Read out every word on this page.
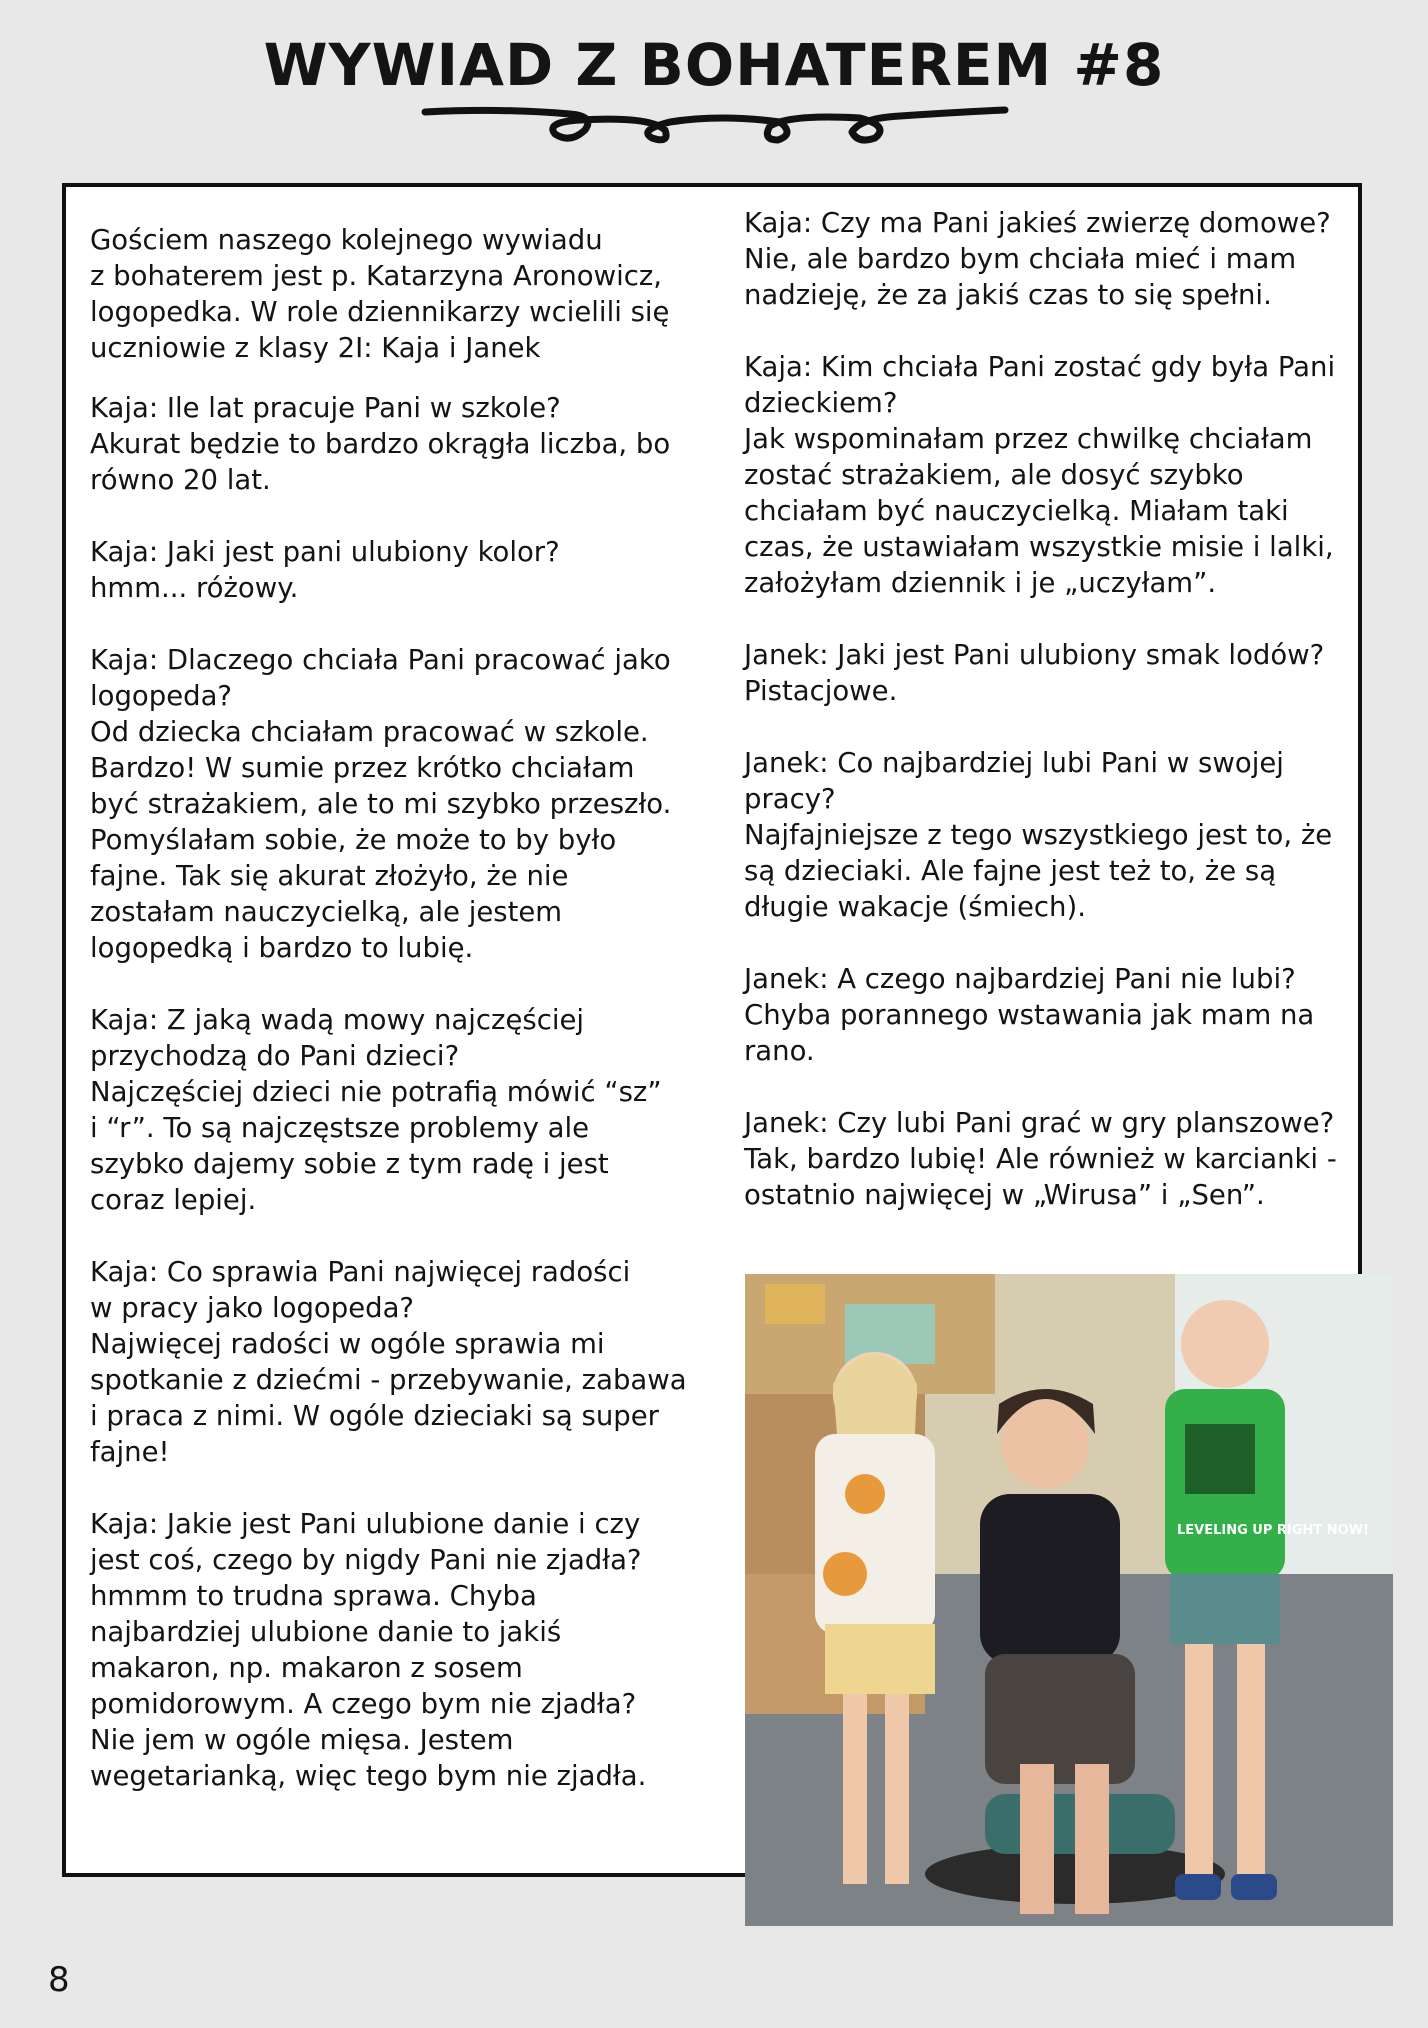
WYWIAD Z BOHATEREM #8

Gościem naszego kolejnego wywiadu
z bohaterem jest p. Katarzyna Aronowicz, logopedka. W role dziennikarzy wcielili się uczniowie z klasy 2I: Kaja i Janek

Kaja: Ile lat pracuje Pani w szkole?
Akurat będzie to bardzo okrągła liczba, bo równo 20 lat.

Kaja: Jaki jest pani ulubiony kolor?
hmm... różowy.

Kaja: Dlaczego chciała Pani pracować jako logopeda?
Od dziecka chciałam pracować w szkole. Bardzo! W sumie przez krótko chciałam być strażakiem, ale to mi szybko przeszło. Pomyślałam sobie, że może to by było fajne. Tak się akurat złożyło, że nie zostałam nauczycielką, ale jestem logopedką i bardzo to lubię.

Kaja: Z jaką wadą mowy najczęściej przychodzą do Pani dzieci?
Najczęściej dzieci nie potrafią mówić “sz”
i “r”. To są najczęstsze problemy ale szybko dajemy sobie z tym radę i jest coraz lepiej.

Kaja: Co sprawia Pani najwięcej radości
w pracy jako logopeda?
Najwięcej radości w ogóle sprawia mi spotkanie z dziećmi - przebywanie, zabawa i praca z nimi. W ogóle dzieciaki są super fajne!

Kaja: Jakie jest Pani ulubione danie i czy jest coś, czego by nigdy Pani nie zjadła?
hmmm to trudna sprawa. Chyba najbardziej ulubione danie to jakiś makaron, np. makaron z sosem pomidorowym. A czego bym nie zjadła? Nie jem w ogóle mięsa. Jestem wegetarianką, więc tego bym nie zjadła.

Kaja: Czy ma Pani jakieś zwierzę domowe?
Nie, ale bardzo bym chciała mieć i mam nadzieję, że za jakiś czas to się spełni.

Kaja: Kim chciała Pani zostać gdy była Pani dzieckiem?
Jak wspominałam przez chwilkę chciałam zostać strażakiem, ale dosyć szybko chciałam być nauczycielką. Miałam taki czas, że ustawiałam wszystkie misie i lalki, założyłam dziennik i je „uczyłam”.

Janek: Jaki jest Pani ulubiony smak lodów?
Pistacjowe.

Janek: Co najbardziej lubi Pani w swojej pracy?
Najfajniejsze z tego wszystkiego jest to, że są dzieciaki. Ale fajne jest też to, że są długie wakacje (śmiech).

Janek: A czego najbardziej Pani nie lubi?
Chyba porannego wstawania jak mam na rano.

Janek: Czy lubi Pani grać w gry planszowe?
Tak, bardzo lubię! Ale również w karcianki - ostatnio najwięcej w „Wirusa” i „Sen”.

LEVELING UP RIGHT NOW!
8
